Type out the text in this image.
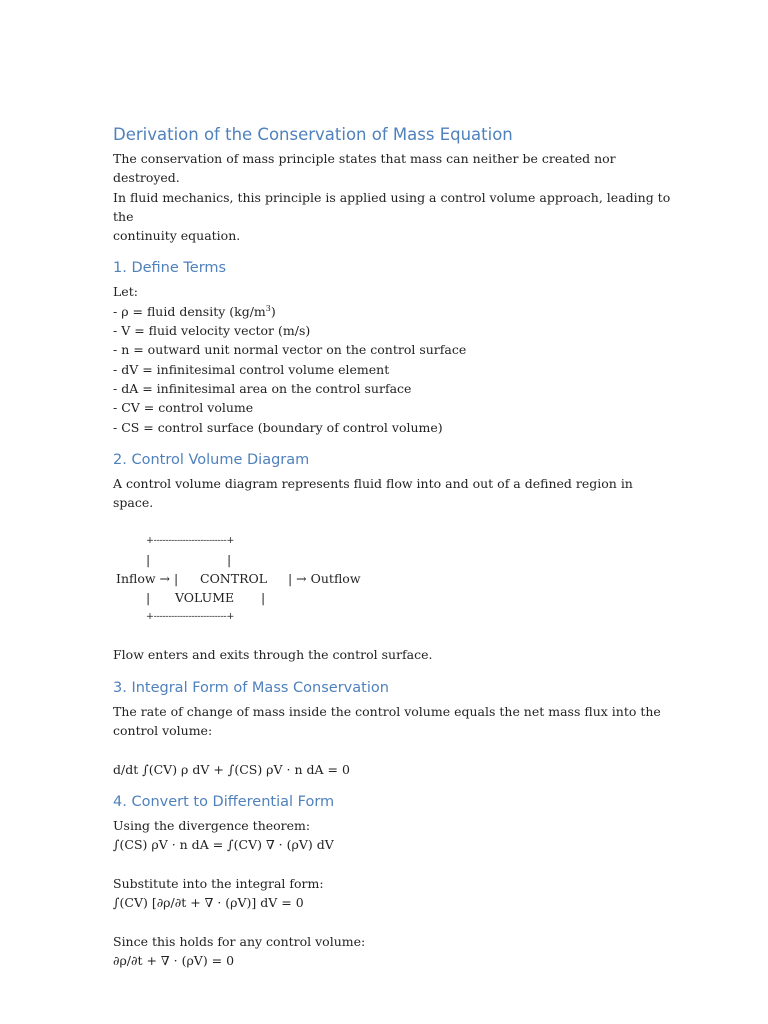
Derivation of the Conservation of Mass Equation

The conservation of mass principle states that mass can neither be created nor destroyed.

In fluid mechanics, this principle is applied using a control volume approach, leading to the

continuity equation.

1. Define Terms

Let:

- ρ = fluid density $(kg/m^3)$

- V = fluid velocity vector (m/s)

- n = outward unit normal vector on the control surface

- dV = infinitesimal control volume element

- dA = infinitesimal area on the control surface

- CV = control volume

- CS = control surface (boundary of control volume)

2. Control Volume Diagram

A control volume diagram represents fluid flow into and out of a defined region in space.

+-------------------------+
|	|
Inflow → | CONTROL | → Outflow
| VOLUME |
+-------------------------+

Flow enters and exits through the control surface.

3. Integral Form of Mass Conservation

The rate of change of mass inside the control volume equals the net mass flux into the

control volume:

d/dt ∫(CV) ρ dV + ∫(CS) ρV · n dA = 0

4. Convert to Differential Form

Using the divergence theorem:

∫(CS) ρV · n dA = ∫(CV) ∇ · (ρV) dV

Substitute into the integral form:

∫(CV) [∂ρ/∂t + ∇ · (ρV)] dV = 0

Since this holds for any control volume:

∂ρ/∂t + ∇ · (ρV) = 0
